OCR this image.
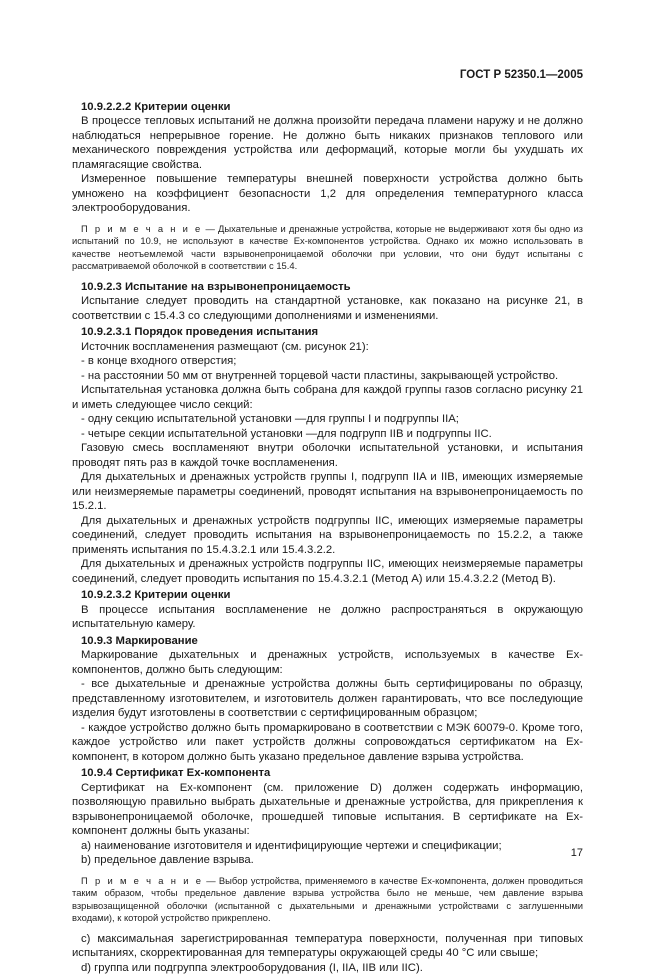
ГОСТ Р 52350.1—2005
10.9.2.2.2 Критерии оценки

В процессе тепловых испытаний не должна произойти передача пламени наружу и не должно наблюдаться непрерывное горение. Не должно быть никаких признаков теплового или механического повреждения устройства или деформаций, которые могли бы ухудшать их пламягасящие свойства.

Измеренное повышение температуры внешней поверхности устройства должно быть умножено на коэффициент безопасности 1,2 для определения температурного класса электрооборудования.

П р и м е ч а н и е — Дыхательные и дренажные устройства, которые не выдерживают хотя бы одно из испытаний по 10.9, не используют в качестве Ex-компонентов устройства. Однако их можно использовать в качестве неотъемлемой части взрывонепроницаемой оболочки при условии, что они будут испытаны с рассматриваемой оболочкой в соответствии с 15.4.

10.9.2.3 Испытание на взрывонепроницаемость

Испытание следует проводить на стандартной установке, как показано на рисунке 21, в соответствии с 15.4.3 со следующими дополнениями и изменениями.

10.9.2.3.1 Порядок проведения испытания

Источник воспламенения размещают (см. рисунок 21):

- в конце входного отверстия;

- на расстоянии 50 мм от внутренней торцевой части пластины, закрывающей устройство.

Испытательная установка должна быть собрана для каждой группы газов согласно рисунку 21 и иметь следующее число секций:

- одну секцию испытательной установки —для группы I и подгруппы IIA;

- четыре секции испытательной установки —для подгрупп IIB и подгруппы IIC.

Газовую смесь воспламеняют внутри оболочки испытательной установки, и испытания проводят пять раз в каждой точке воспламенения.

Для дыхательных и дренажных устройств группы I, подгрупп IIA и IIB, имеющих измеряемые или неизмеряемые параметры соединений, проводят испытания на взрывонепроницаемость по 15.2.1.

Для дыхательных и дренажных устройств подгруппы IIC, имеющих измеряемые параметры соединений, следует проводить испытания на взрывонепроницаемость по 15.2.2, а также применять испытания по 15.4.3.2.1 или 15.4.3.2.2.

Для дыхательных и дренажных устройств подгруппы IIC, имеющих неизмеряемые параметры соединений, следует проводить испытания по 15.4.3.2.1 (Метод А) или 15.4.3.2.2 (Метод В).

10.9.2.3.2 Критерии оценки

В процессе испытания воспламенение не должно распространяться в окружающую испытательную камеру.

10.9.3 Маркирование

Маркирование дыхательных и дренажных устройств, используемых в качестве Ex-компонентов, должно быть следующим:

- все дыхательные и дренажные устройства должны быть сертифицированы по образцу, представленному изготовителем, и изготовитель должен гарантировать, что все последующие изделия будут изготовлены в соответствии с сертифицированным образцом;

- каждое устройство должно быть промаркировано в соответствии с МЭК 60079-0. Кроме того, каждое устройство или пакет устройств должны сопровождаться сертификатом на Ex-компонент, в котором должно быть указано предельное давление взрыва устройства.

10.9.4 Сертификат Ex-компонента

Сертификат на Ex-компонент (см. приложение D) должен содержать информацию, позволяющую правильно выбрать дыхательные и дренажные устройства, для прикрепления к взрывонепроницаемой оболочке, прошедшей типовые испытания. В сертификате на Ex-компонент должны быть указаны:

a) наименование изготовителя и идентифицирующие чертежи и спецификации;

b) предельное давление взрыва.

П р и м е ч а н и е — Выбор устройства, применяемого в качестве Ex-компонента, должен проводиться таким образом, чтобы предельное давление взрыва устройства было не меньше, чем давление взрыва взрывозащищенной оболочки (испытанной с дыхательными и дренажными устройствами с заглушенными входами), к которой устройство прикреплено.

c) максимальная зарегистрированная температура поверхности, полученная при типовых испытаниях, скорректированная для температуры окружающей среды 40 °С или свыше;

d) группа или подгруппа электрооборудования (I, IIA, IIB или IIC).

17
